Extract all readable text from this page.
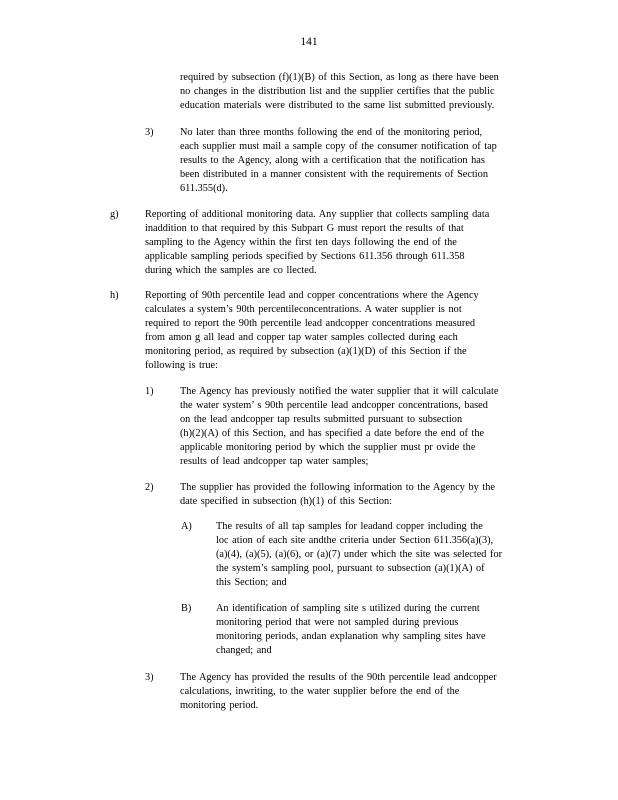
141
required by subsection (f)(1)(B) of this Section, as long as there have been
no changes in the distribution list and the supplier certifies that the public
education materials were distributed to the same list submitted previously.
3)	No later than three months following the end of the monitoring period,
each supplier must mail a sample copy of the consumer notification of tap
results to the Agency, along with a certification that the notification has
been distributed in a manner consistent with the requirements of Section
611.355(d).
g)	Reporting of additional monitoring data. Any supplier that collects sampling data
inaddition to that required by this Subpart G must report the results of that
sampling to the Agency within the first ten days following the end of the
applicable sampling periods specified by Sections 611.356 through 611.358
during which the samples are co llected.
h)	Reporting of 90th percentile lead and copper concentrations where the Agency
calculates a system’s 90th percentileconcentrations. A water supplier is not
required to report the 90th percentile lead andcopper concentrations measured
from amon g all lead and copper tap water samples collected during each
monitoring period, as required by subsection (a)(1)(D) of this Section if the
following is true:
1)	The Agency has previously notified the water supplier that it will calculate
the water system’ s 90th percentile lead andcopper concentrations, based
on the lead andcopper tap results submitted pursuant to subsection
(h)(2)(A) of this Section, and has specified a date before the end of the
applicable monitoring period by which the supplier must pr ovide the
results of lead andcopper tap water samples;
2)	The supplier has provided the following information to the Agency by the
date specified in subsection (h)(1) of this Section:
A) The results of all tap samples for leadand copper including the
loc ation of each site andthe criteria under Section 611.356(a)(3),
(a)(4), (a)(5), (a)(6), or (a)(7) under which the site was selected for
the system’s sampling pool, pursuant to subsection (a)(1)(A) of
this Section; and
B) An identification of sampling site s utilized during the current
monitoring period that were not sampled during previous
monitoring periods, andan explanation why sampling sites have
changed; and
3)	The Agency has provided the results of the 90th percentile lead andcopper
calculations, inwriting, to the water supplier before the end of the
monitoring period.
